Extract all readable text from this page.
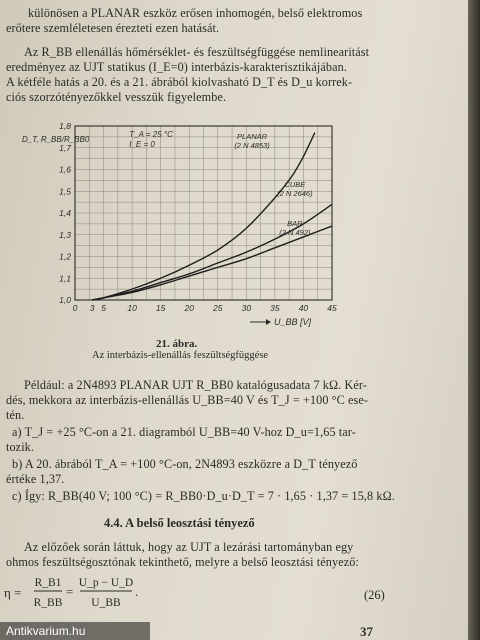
különösen a PLANAR eszköz erősen inhomogén, belső elektromos
erőtere szemléletesen érezteti ezen hatását.
Az R_BB ellenállás hőmérséklet- és feszültségfüggése nemlinearitást
eredményez az UJT statikus (I_E=0) interbázis-karakterisztikájában.
A kétféle hatás a 20. és a 21. ábrából kiolvasható D_T és D_u korrek-
ciós szorzótényezőkkel vesszük figyelembe.
0 3 5	10 15 20 25 30 35 40 45
1,0
1,1
1,2
1,3
1,4
1,5
1,6
1,7
1,8
PLANAR
(2 N 4853)
CUBE
(2 N 2646)
BAR
(2 N 492)
T_A = 25 °C
I_E = 0
D_T, R_BB/R_BB0
U_BB [V]
21. ábra.
Az interbázis-ellenállás feszültségfüggése
Például: a 2N4893 PLANAR UJT R_BB0 katalógusadata 7 kΩ. Kér-
dés, mekkora az interbázis-ellenállás U_BB=40 V és T_J = +100 °C ese-
tén.
a) T_J = +25 °C-on a 21. diagramból U_BB=40 V-hoz D_u=1,65 tar-
tozik.
b) A 20. ábrából T_A = +100 °C-on, 2N4893 eszközre a D_T tényező
értéke 1,37.
c) Így: R_BB(40 V; 100 °C) = R_BB0·D_u·D_T = 7 · 1,65 · 1,37 = 15,8 kΩ.
4.4. A belső leosztási tényező
Az előzőek során láttuk, hogy az UJT a lezárási tartományban egy
ohmos feszültségosztónak tekinthető, melyre a belső leosztási tényező:
η =
R_B1
R_BB
=
U_p − U_D
U_BB
.	(26)
37
Antikvarium.hu
